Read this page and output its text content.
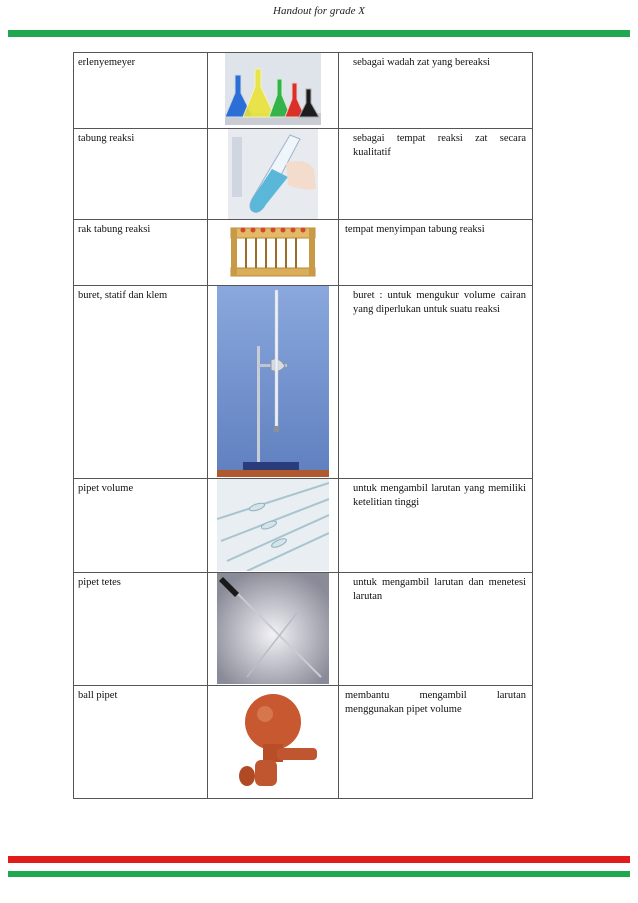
Handout for grade X
erlenyemeyer		sebagai wadah zat yang bereaksi
tabung reaksi		sebagai tempat reaksi zat secara kualitatif
rak tabung reaksi		tempat menyimpan tabung reaksi
buret, statif dan klem		buret : untuk mengukur volume cairan yang diperlukan untuk suatu reaksi
pipet volume		untuk mengambil larutan yang memiliki ketelitian tinggi
pipet tetes		untuk mengambil larutan dan menetesi larutan
ball pipet		membantu mengambil larutan menggunakan pipet volume
